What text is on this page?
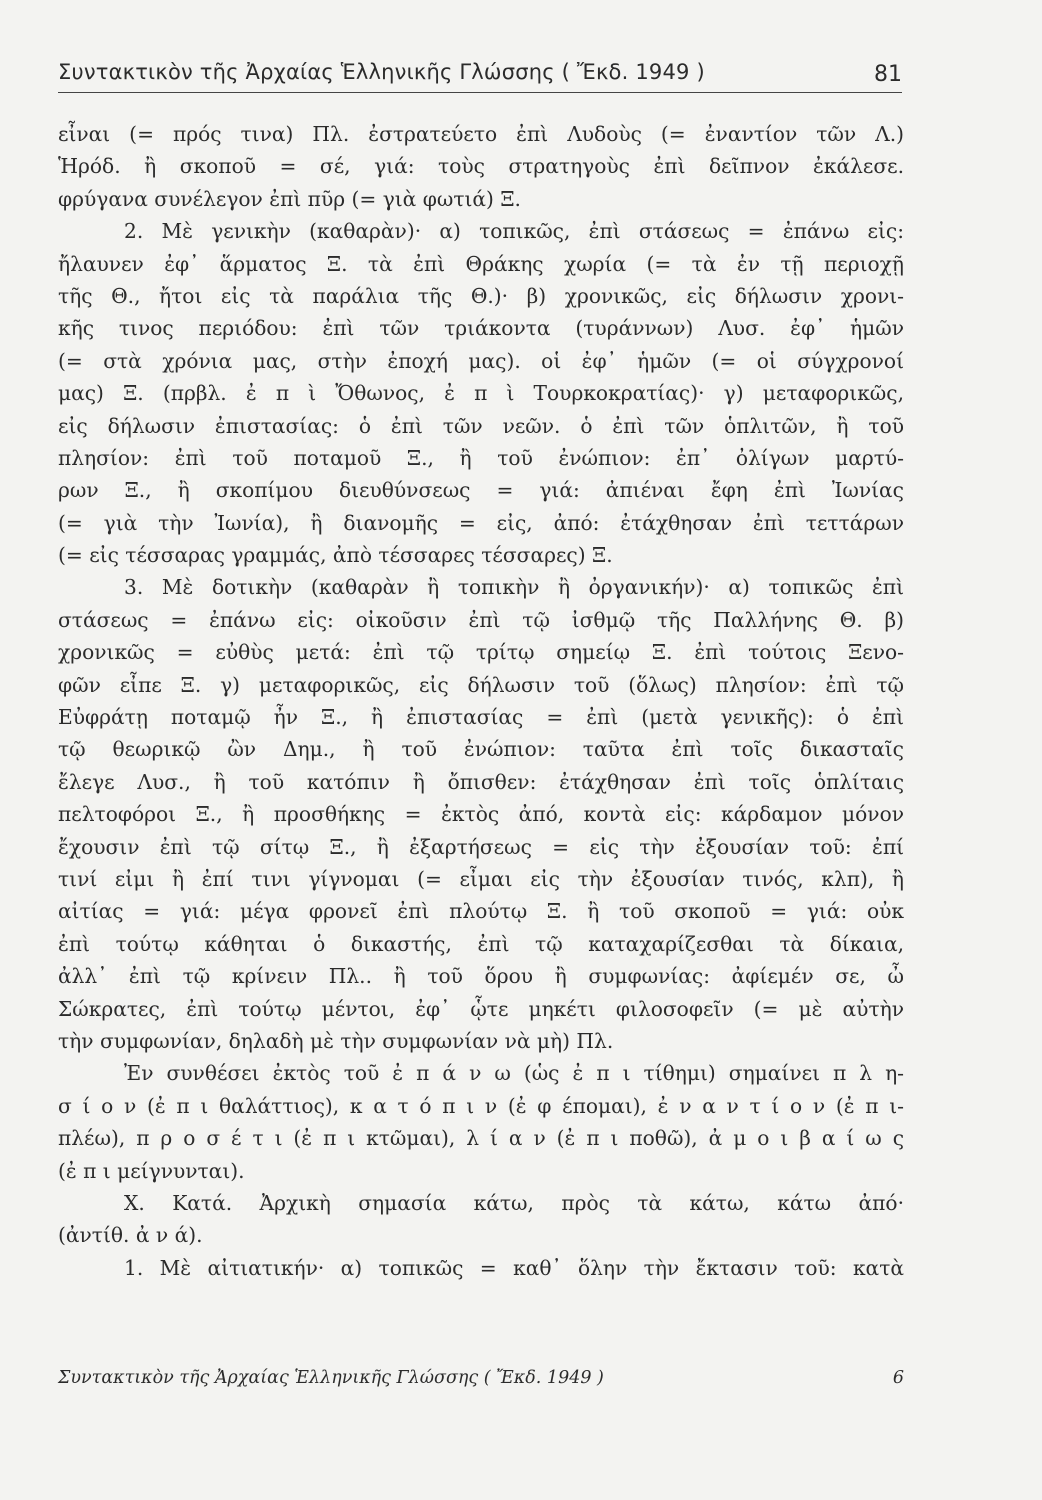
Συντακτικὸν τῆς Ἀρχαίας Ἑλληνικῆς Γλώσσης ( Ἔκδ. 1949 )	81
εἶναι (= πρός τινα) Πλ. ἐστρατεύετο ἐπὶ Λυδοὺς (= ἐναντίον τῶν Λ.)
Ἡρόδ. ἢ σκοποῦ = σέ, γιά: τοὺς στρατηγοὺς ἐπὶ δεῖπνον ἐκάλεσε.
φρύγανα συνέλεγον ἐπὶ πῦρ (= γιὰ φωτιά) Ξ.
2. Μὲ γενικὴν (καθαρὰν)· α) τοπικῶς, ἐπὶ στάσεως = ἐπάνω εἰς:
ἤλαυνεν ἐφ᾽ ἅρματος Ξ. τὰ ἐπὶ Θράκης χωρία (= τὰ ἐν τῇ περιοχῇ
τῆς Θ., ἤτοι εἰς τὰ παράλια τῆς Θ.)· β) χρονικῶς, εἰς δήλωσιν χρονι-
κῆς τινος περιόδου: ἐπὶ τῶν τριάκοντα (τυράννων) Λυσ. ἐφ᾽ ἡμῶν
(= στὰ χρόνια μας, στὴν ἐποχή μας). οἱ ἐφ᾽ ἡμῶν (= οἱ σύγχρονοί
μας) Ξ. (πρβλ. ἐ π ὶ Ὄθωνος, ἐ π ὶ Τουρκοκρατίας)· γ) μεταφορικῶς,
εἰς δήλωσιν ἐπιστασίας: ὁ ἐπὶ τῶν νεῶν. ὁ ἐπὶ τῶν ὁπλιτῶν, ἢ τοῦ
πλησίον: ἐπὶ τοῦ ποταμοῦ Ξ., ἢ τοῦ ἐνώπιον: ἐπ᾽ ὀλίγων μαρτύ-
ρων Ξ., ἢ σκοπίμου διευθύνσεως = γιά: ἀπιέναι ἔφη ἐπὶ Ἰωνίας
(= γιὰ τὴν Ἰωνία), ἢ διανομῆς = εἰς, ἀπό: ἐτάχθησαν ἐπὶ τεττάρων
(= εἰς τέσσαρας γραμμάς, ἀπὸ τέσσαρες τέσσαρες) Ξ.
3. Μὲ δοτικὴν (καθαρὰν ἢ τοπικὴν ἢ ὀργανικήν)· α) τοπικῶς ἐπὶ
στάσεως = ἐπάνω εἰς: οἰκοῦσιν ἐπὶ τῷ ἰσθμῷ τῆς Παλλήνης Θ. β)
χρονικῶς = εὐθὺς μετά: ἐπὶ τῷ τρίτῳ σημείῳ Ξ. ἐπὶ τούτοις Ξενο-
φῶν εἶπε Ξ. γ) μεταφορικῶς, εἰς δήλωσιν τοῦ (ὅλως) πλησίον: ἐπὶ τῷ
Εὐφράτῃ ποταμῷ ἦν Ξ., ἢ ἐπιστασίας = ἐπὶ (μετὰ γενικῆς): ὁ ἐπὶ
τῷ θεωρικῷ ὢν Δημ., ἢ τοῦ ἐνώπιον: ταῦτα ἐπὶ τοῖς δικασταῖς
ἔλεγε Λυσ., ἢ τοῦ κατόπιν ἢ ὄπισθεν: ἐτάχθησαν ἐπὶ τοῖς ὁπλίταις
πελτοφόροι Ξ., ἢ προσθήκης = ἐκτὸς ἀπό, κοντὰ εἰς: κάρδαμον μόνον
ἔχουσιν ἐπὶ τῷ σίτῳ Ξ., ἢ ἐξαρτήσεως = εἰς τὴν ἐξουσίαν τοῦ: ἐπί
τινί εἰμι ἢ ἐπί τινι γίγνομαι (= εἶμαι εἰς τὴν ἐξουσίαν τινός, κλπ), ἢ
αἰτίας = γιά: μέγα φρονεῖ ἐπὶ πλούτῳ Ξ. ἢ τοῦ σκοποῦ = γιά: οὐκ
ἐπὶ τούτῳ κάθηται ὁ δικαστής, ἐπὶ τῷ καταχαρίζεσθαι τὰ δίκαια,
ἀλλ᾽ ἐπὶ τῷ κρίνειν Πλ.. ἢ τοῦ ὅρου ἢ συμφωνίας: ἀφίεμέν σε, ὦ
Σώκρατες, ἐπὶ τούτῳ μέντοι, ἐφ᾽ ᾧτε μηκέτι φιλοσοφεῖν (= μὲ αὐτὴν
τὴν συμφωνίαν, δηλαδὴ μὲ τὴν συμφωνίαν νὰ μὴ) Πλ.
Ἐν συνθέσει ἐκτὸς τοῦ ἐ π ά ν ω (ὡς ἐ π ι τίθημι) σημαίνει π λ η-
σ ί ο ν (ἐ π ι θαλάττιος), κ α τ ό π ι ν (ἐ φ έπομαι), ἐ ν α ν τ ί ο ν (ἐ π ι-
πλέω), π ρ ο σ έ τ ι (ἐ π ι κτῶμαι), λ ί α ν (ἐ π ι ποθῶ), ἀ μ ο ι β α ί ω ς
(ἐ π ι μείγνυνται).
Χ. Κατά. Ἀρχικὴ σημασία κάτω, πρὸς τὰ κάτω, κάτω ἀπό·
(ἀντίθ. ἀ ν ά).
1. Μὲ αἰτιατικήν· α) τοπικῶς = καθ᾽ ὅλην τὴν ἔκτασιν τοῦ: κατὰ
Συντακτικὸν τῆς Ἀρχαίας Ἑλληνικῆς Γλώσσης ( Ἔκδ. 1949 )	6
